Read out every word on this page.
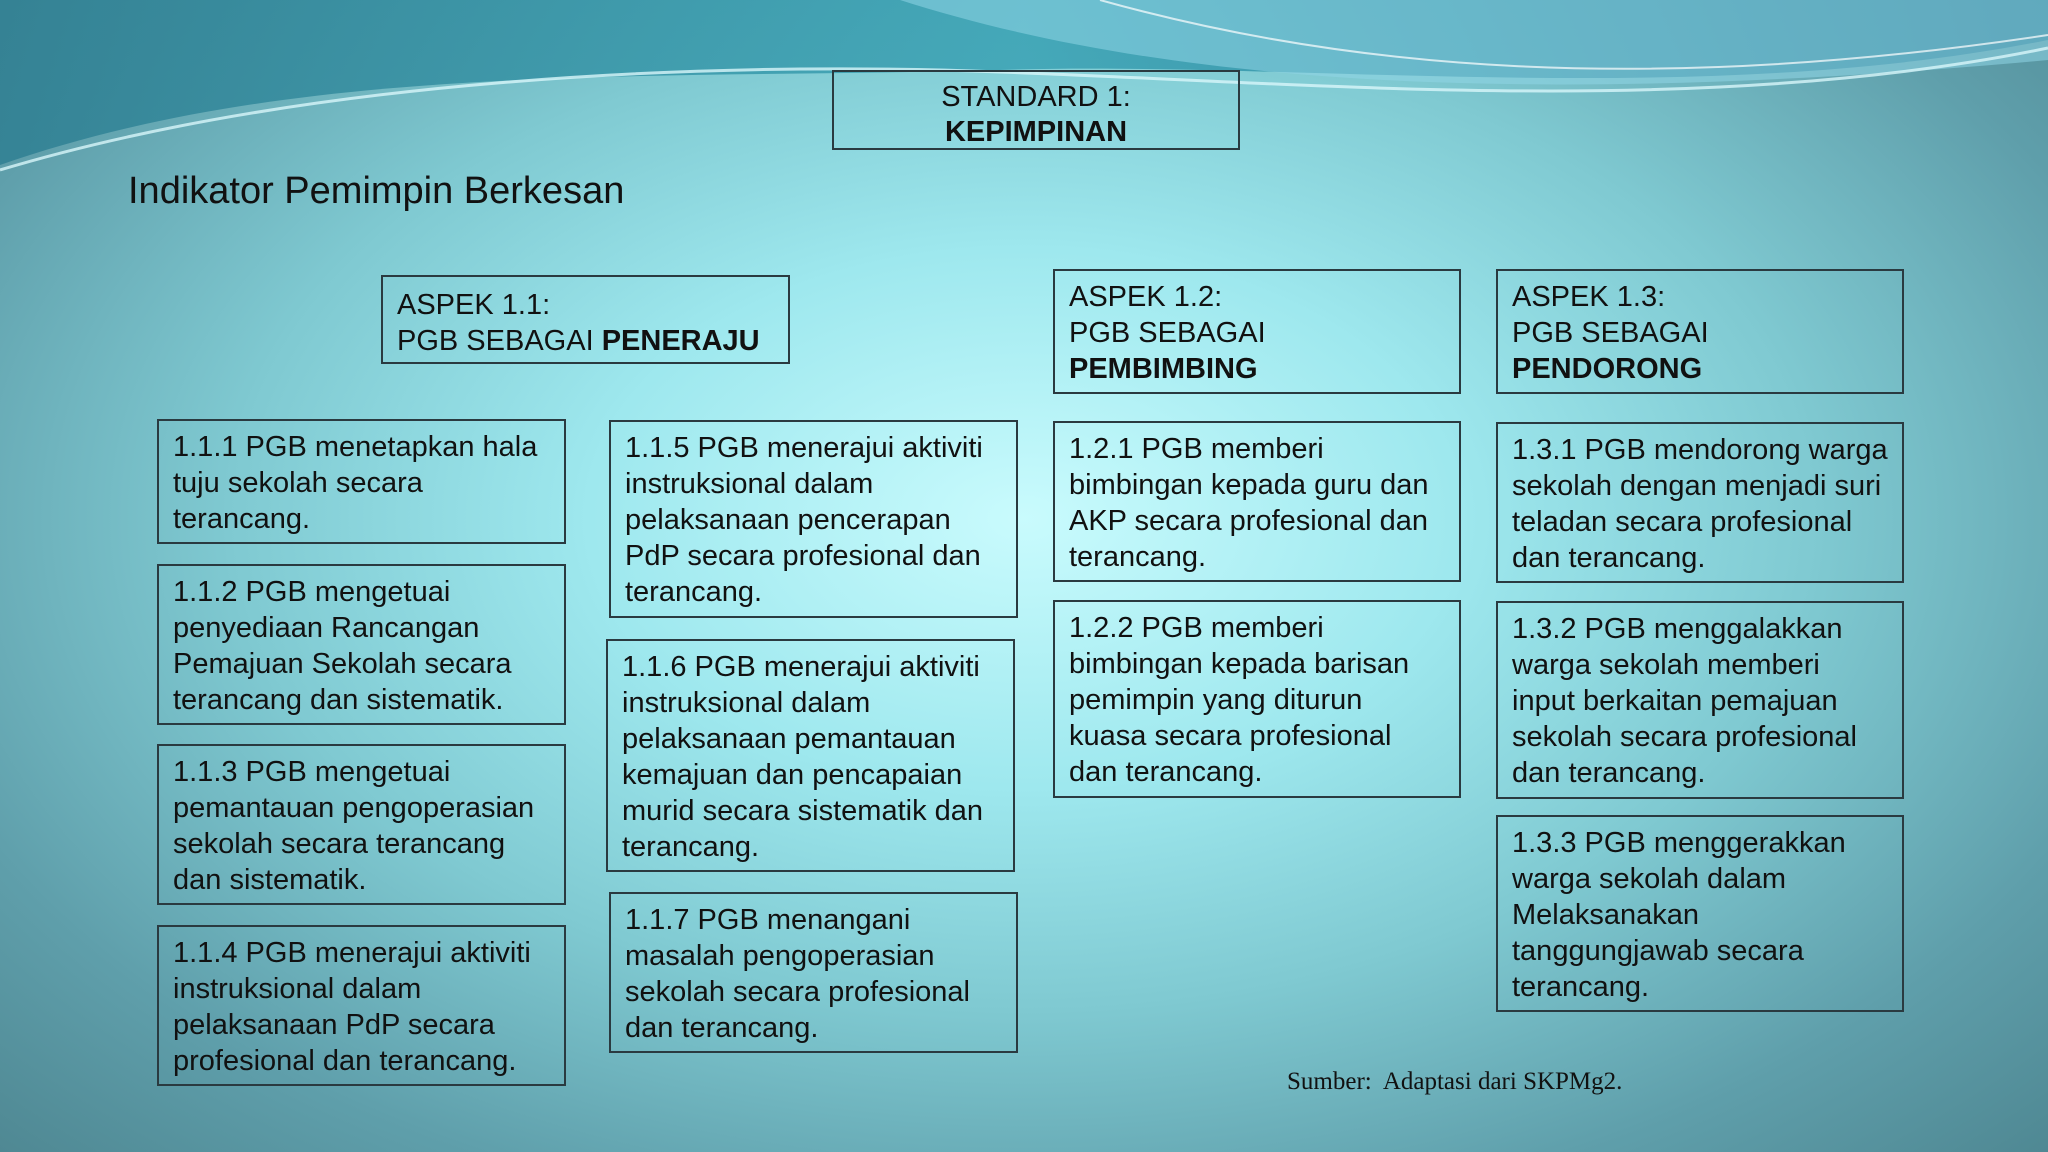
STANDARD 1:
KEPIMPINAN
Indikator Pemimpin Berkesan
ASPEK 1.1:
PGB SEBAGAI PENERAJU
ASPEK 1.2:
PGB SEBAGAI
PEMBIMBING
ASPEK 1.3:
PGB SEBAGAI
PENDORONG
1.1.1 PGB menetapkan hala tuju sekolah secara terancang.
1.1.2 PGB mengetuai penyediaan Rancangan Pemajuan Sekolah secara terancang dan sistematik.
1.1.3 PGB mengetuai pemantauan pengoperasian sekolah secara terancang dan sistematik.
1.1.4 PGB menerajui aktiviti instruksional dalam pelaksanaan PdP secara profesional dan terancang.
1.1.5 PGB menerajui aktiviti instruksional dalam pelaksanaan pencerapan PdP secara profesional dan terancang.
1.1.6 PGB menerajui aktiviti instruksional dalam pelaksanaan pemantauan kemajuan dan pencapaian murid secara sistematik dan terancang.
1.1.7 PGB menangani masalah pengoperasian sekolah secara profesional dan terancang.
1.2.1 PGB memberi bimbingan kepada guru dan AKP secara profesional dan terancang.
1.2.2 PGB memberi bimbingan kepada barisan pemimpin yang diturun kuasa secara profesional dan terancang.
1.3.1 PGB mendorong warga sekolah dengan menjadi suri teladan secara profesional dan terancang.
1.3.2 PGB menggalakkan warga sekolah memberi input berkaitan pemajuan sekolah secara profesional dan terancang.
1.3.3 PGB menggerakkan warga sekolah dalam Melaksanakan tanggungjawab secara terancang.
Sumber:  Adaptasi dari SKPMg2.
